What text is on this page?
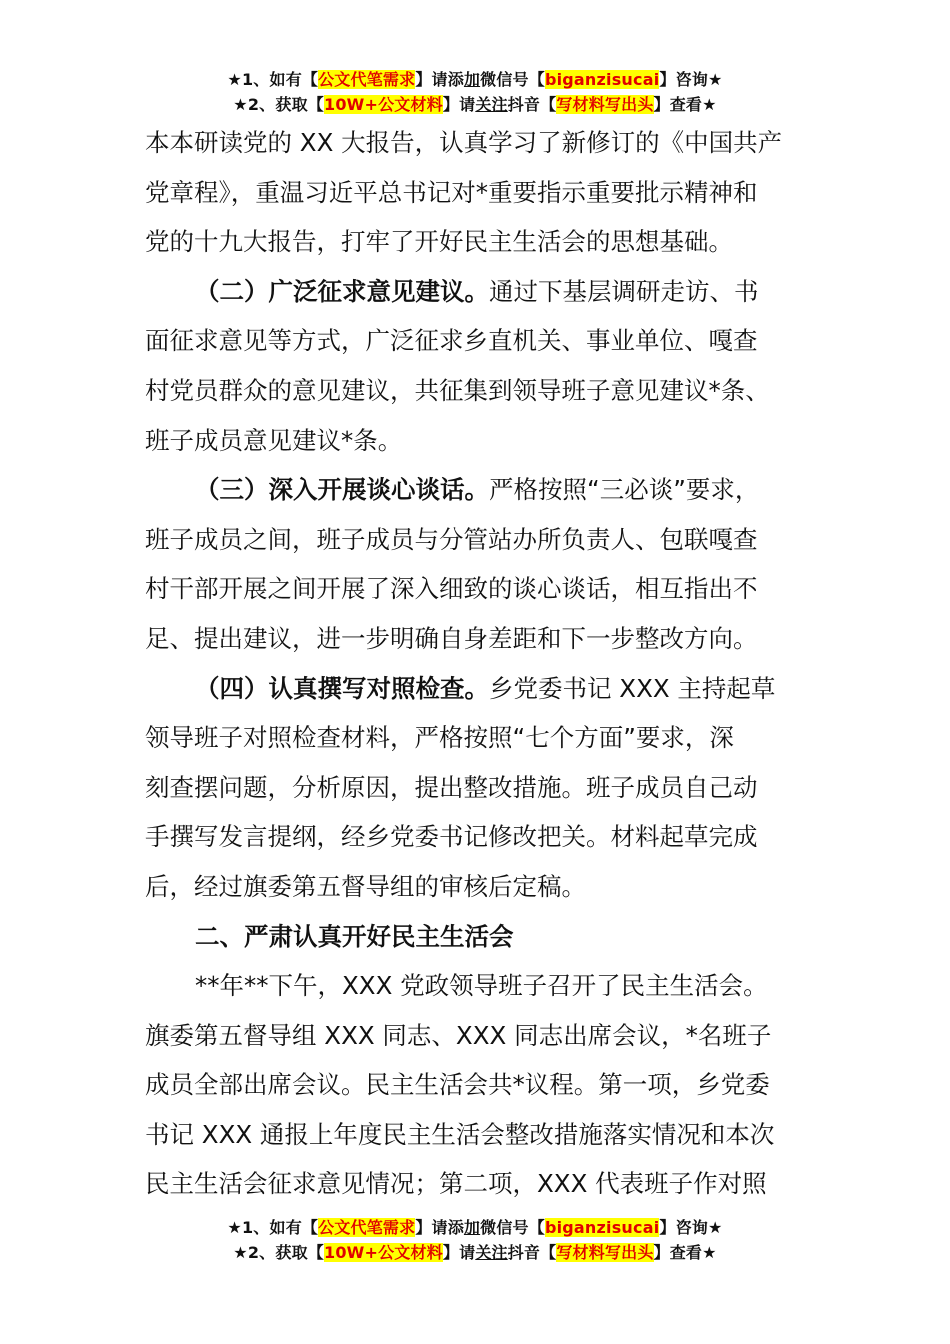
★1、如有【公文代笔需求】请添加微信号【biganzisucai】咨询★
★2、获取【10W+公文材料】请关注抖音【写材料写出头】查看★

本本研读党的 XX 大报告，认真学习了新修订的《中国共产

党章程》，重温习近平总书记对*重要指示重要批示精神和

党的十九大报告，打牢了开好民主生活会的思想基础。

（二）广泛征求意见建议。通过下基层调研走访、书

面征求意见等方式，广泛征求乡直机关、事业单位、嘎查

村党员群众的意见建议，共征集到领导班子意见建议*条、

班子成员意见建议*条。

（三）深入开展谈心谈话。严格按照“三必谈”要求，

班子成员之间，班子成员与分管站办所负责人、包联嘎查

村干部开展之间开展了深入细致的谈心谈话，相互指出不

足、提出建议，进一步明确自身差距和下一步整改方向。

（四）认真撰写对照检查。乡党委书记 XXX 主持起草

领导班子对照检查材料，严格按照“七个方面”要求，深

刻查摆问题，分析原因，提出整改措施。班子成员自己动

手撰写发言提纲，经乡党委书记修改把关。材料起草完成

后，经过旗委第五督导组的审核后定稿。

二、严肃认真开好民主生活会

**年**下午，XXX 党政领导班子召开了民主生活会。

旗委第五督导组 XXX 同志、XXX 同志出席会议，*名班子

成员全部出席会议。民主生活会共*议程。第一项，乡党委

书记 XXX 通报上年度民主生活会整改措施落实情况和本次

民主生活会征求意见情况；第二项，XXX 代表班子作对照

★1、如有【公文代笔需求】请添加微信号【biganzisucai】咨询★
★2、获取【10W+公文材料】请关注抖音【写材料写出头】查看★
